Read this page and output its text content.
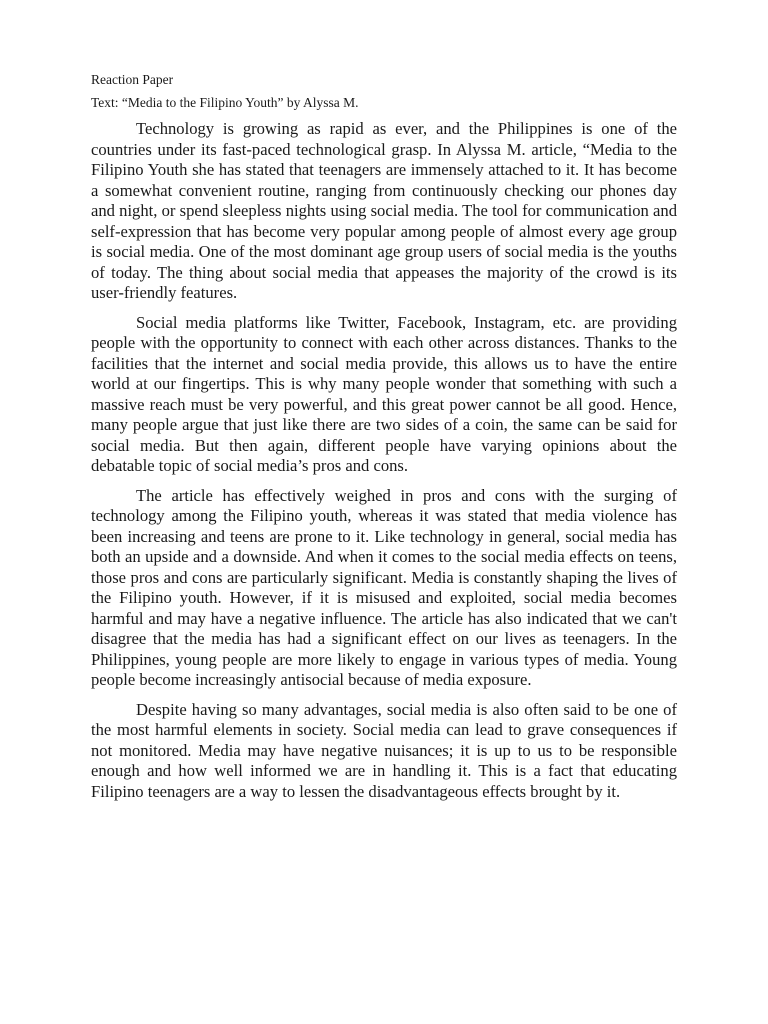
Reaction Paper

Text: “Media to the Filipino Youth” by Alyssa M.

Technology is growing as rapid as ever, and the Philippines is one of the countries under its fast-paced technological grasp. In Alyssa M. article, “Media to the Filipino Youth she has stated that teenagers are immensely attached to it. It has become a somewhat convenient routine, ranging from continuously checking our phones day and night, or spend sleepless nights using social media. The tool for communication and self-expression that has become very popular among people of almost every age group is social media. One of the most dominant age group users of social media is the youths of today. The thing about social media that appeases the majority of the crowd is its user-friendly features.

Social media platforms like Twitter, Facebook, Instagram, etc. are providing people with the opportunity to connect with each other across distances. Thanks to the facilities that the internet and social media provide, this allows us to have the entire world at our fingertips. This is why many people wonder that something with such a massive reach must be very powerful, and this great power cannot be all good. Hence, many people argue that just like there are two sides of a coin, the same can be said for social media. But then again, different people have varying opinions about the debatable topic of social media’s pros and cons.

The article has effectively weighed in pros and cons with the surging of technology among the Filipino youth, whereas it was stated that media violence has been increasing and teens are prone to it. Like technology in general, social media has both an upside and a downside. And when it comes to the social media effects on teens, those pros and cons are particularly significant. Media is constantly shaping the lives of the Filipino youth. However, if it is misused and exploited, social media becomes harmful and may have a negative influence. The article has also indicated that we can't disagree that the media has had a significant effect on our lives as teenagers. In the Philippines, young people are more likely to engage in various types of media. Young people become increasingly antisocial because of media exposure.

Despite having so many advantages, social media is also often said to be one of the most harmful elements in society. Social media can lead to grave consequences if not monitored. Media may have negative nuisances; it is up to us to be responsible enough and how well informed we are in handling it. This is a fact that educating Filipino teenagers are a way to lessen the disadvantageous effects brought by it.
